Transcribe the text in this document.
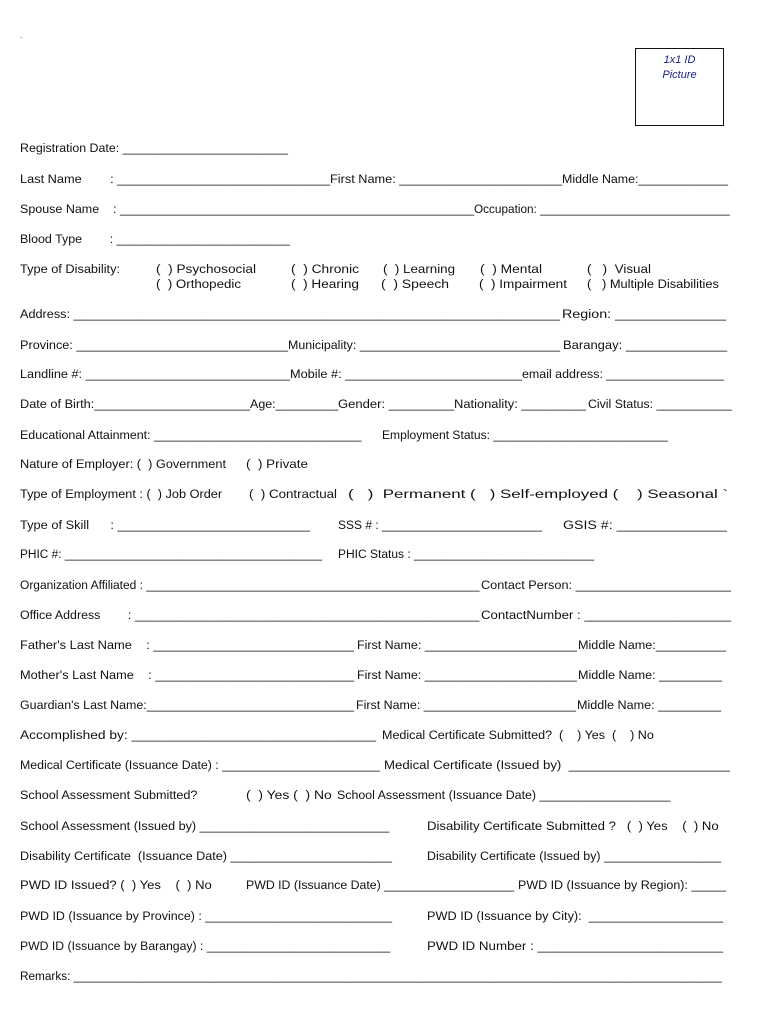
.
1x1 ID
Picture
Registration Date: ________________________
Last Name        : ______________________________ First Name: _______________________ Middle Name:_____________
Spouse Name    : ___________________________________________________ Occupation: _____________________________
Blood Type        : _________________________
Type of Disability:	(  ) Psychosocial	(  ) Chronic (  ) Learning (  ) Mental	(   )  Visual
(  ) Orthopedic	(  ) Hearing (  ) Speech (  ) Impairment (   ) Multiple Disabilities
Address: _____________________________________________________________________ Region: ______________
Province: ______________________________ Municipality: _____________________________ Barangay: ______________
Landline #: _____________________________ Mobile #: _________________________ email address: _________________
Date of Birth:______________________ Age:_________ Gender: _________ Nationality: _________ Civil Status: ___________
Educational Attainment: ______________________________ Employment Status: __________________________
Nature of Employer: (  ) Government (  ) Private
Type of Employment : (  ) Job Order (  ) Contractual (   )  Permanent (   ) Self-employed (    ) Seasonal `
Type of Skill      : ___________________________ SSS # : ________________________ GSIS #: ______________
PHIC #: _______________________________________ PHIC Status : ___________________________
Organization Affiliated : __________________________________________________ Contact Person: ______________________
Office Address        : __________________________________________________ ContactNumber : ____________________
Father's Last Name    : ____________________________ First Name: ______________________ Middle Name:__________
Mother's Last Name    : ____________________________ First Name: ______________________ Middle Name: _________
Guardian's Last Name:______________________________ First Name: ______________________ Middle Name: _________
Accomplished by: ________________________________ Medical Certificate Submitted?  (    ) Yes  (    ) No
Medical Certificate (Issuance Date) : _______________________ Medical Certificate (Issued by)  ______________________
School Assessment Submitted?	(  ) Yes (  ) No School Assessment (Issuance Date) ___________________
School Assessment (Issued by) ___________________________	Disability Certificate Submitted ?   (  ) Yes    (  ) No
Disability Certificate  (Issuance Date) _______________________	Disability Certificate (Issued by) _________________
PWD ID Issued? (  ) Yes    (  ) No	PWD ID (Issuance Date) ___________________ PWD ID (Issuance by Region): _____
PWD ID (Issuance by Province) : ___________________________	PWD ID (Issuance by City):  ___________________
PWD ID (Issuance by Barangay) : ___________________________	PWD ID Number : _________________________
Remarks: ___________________________________________________________________________________________________
